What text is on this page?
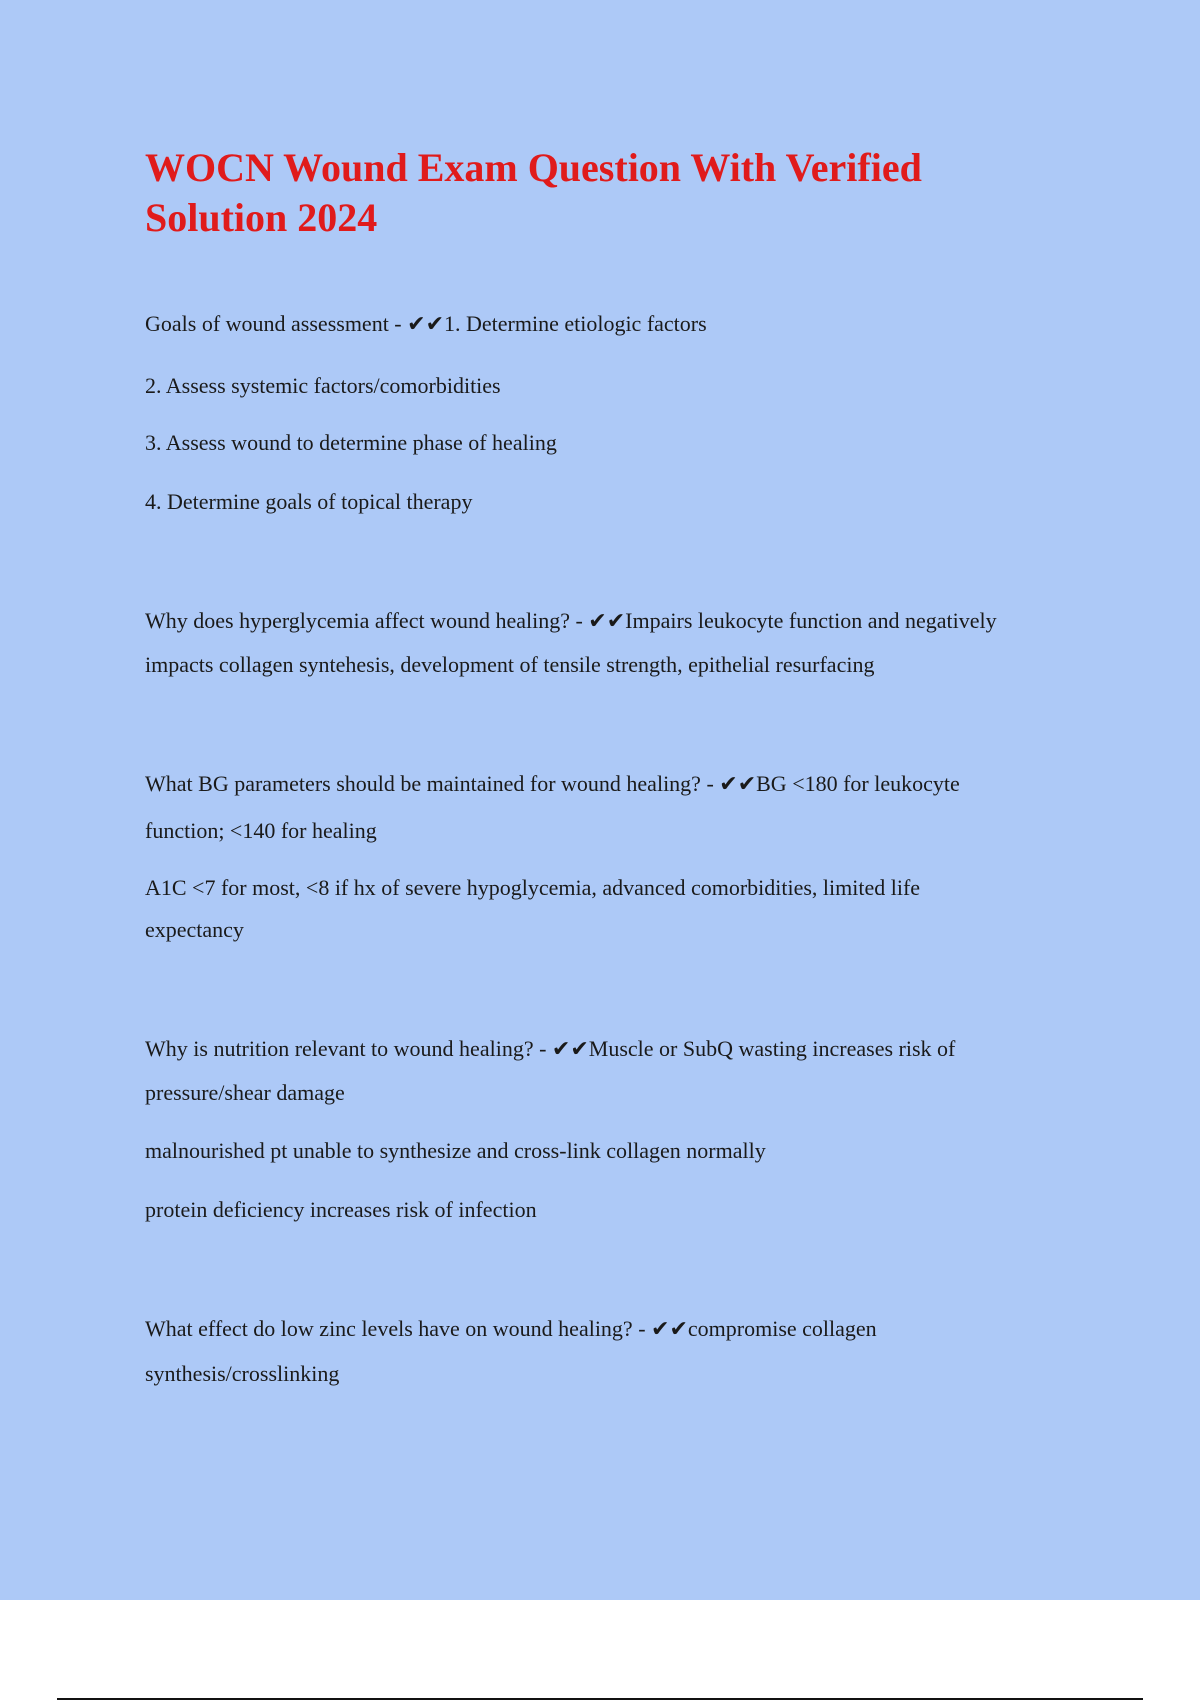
WOCN Wound Exam Question With Verified
Solution 2024

Goals of wound assessment - ✔✔1. Determine etiologic factors

2. Assess systemic factors/comorbidities

3. Assess wound to determine phase of healing

4. Determine goals of topical therapy

Why does hyperglycemia affect wound healing? - ✔✔Impairs leukocyte function and negatively

impacts collagen syntehesis, development of tensile strength, epithelial resurfacing

What BG parameters should be maintained for wound healing? - ✔✔BG <180 for leukocyte

function; <140 for healing

A1C <7 for most, <8 if hx of severe hypoglycemia, advanced comorbidities, limited life

expectancy

Why is nutrition relevant to wound healing? - ✔✔Muscle or SubQ wasting increases risk of

pressure/shear damage

malnourished pt unable to synthesize and cross-link collagen normally

protein deficiency increases risk of infection

What effect do low zinc levels have on wound healing? - ✔✔compromise collagen

synthesis/crosslinking
